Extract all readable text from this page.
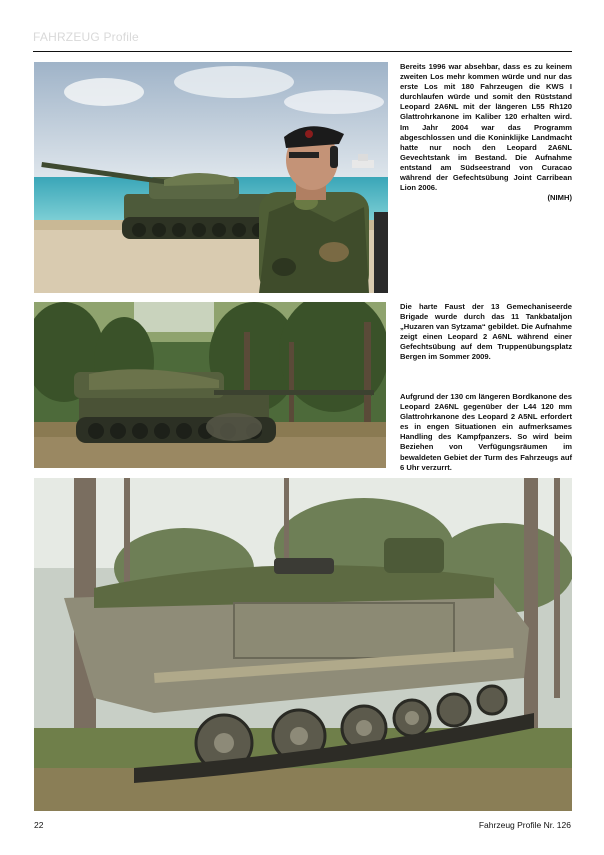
FAHRZEUG Profile
Bereits 1996 war absehbar, dass es zu keinem zweiten Los mehr kommen würde und nur das erste Los mit 180 Fahrzeugen die KWS I durchlaufen würde und somit den Rüststand Leopard 2A6NL mit der längeren L55 Rh120 Glattrohrkanone im Kaliber 120 erhalten wird. Im Jahr 2004 war das Programm abgeschlossen und die Koninklijke Landmacht hatte nur noch den Leopard 2A6NL Gevechtstank im Bestand. Die Aufnahme entstand am Südseestrand von Curacao während der Gefechtsübung Joint Carribean Lion 2006.
(NIMH)
Die harte Faust der 13 Gemechaniseerde Brigade wurde durch das 11 Tankbataljon „Huzaren van Sytzama“ gebildet. Die Aufnahme zeigt einen Leopard 2 A6NL während einer Gefechtsübung auf dem Truppenübungsplatz Bergen im Sommer 2009.
Aufgrund der 130 cm längeren Bordkanone des Leopard 2A6NL gegenüber der L44 120 mm Glattrohrkanone des Leopard 2 A5NL erfordert es in engen Situationen ein aufmerksames Handling des Kampfpanzers. So wird beim Beziehen von Verfügungsräumen im bewaldeten Gebiet der Turm des Fahrzeugs auf 6 Uhr verzurrt.
22	Fahrzeug Profile Nr. 126
